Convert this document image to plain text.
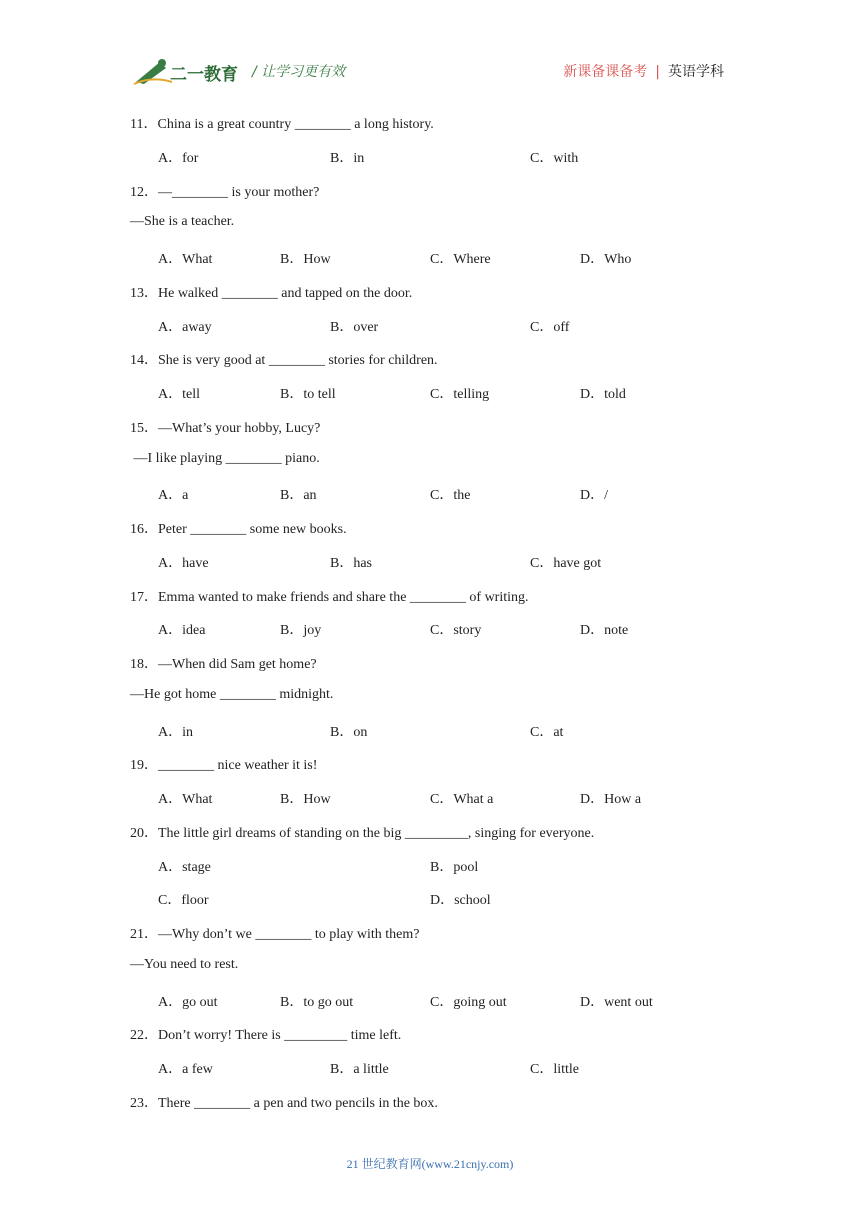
二一教育 / 让学习更有效	新课备课备考 | 英语学科
11．China is a great country ________ a long history.
A．for	B．in	C．with
12．—________ is your mother?
—She is a teacher.
A．What	B．How	C．Where	D．Who
13．He walked ________ and tapped on the door.
A．away	B．over	C．off
14．She is very good at ________ stories for children.
A．tell	B．to tell	C．telling	D．told
15．—What’s your hobby, Lucy?
—I like playing ________ piano.
A．a	B．an	C．the	D．/
16．Peter ________ some new books.
A．have	B．has	C．have got
17．Emma wanted to make friends and share the ________ of writing.
A．idea	B．joy	C．story	D．note
18．—When did Sam get home?
—He got home ________ midnight.
A．in	B．on	C．at
19．________ nice weather it is!
A．What	B．How	C．What a	D．How a
20．The little girl dreams of standing on the big _________, singing for everyone.
A．stage	B．pool
C．floor	D．school
21．—Why don’t we ________ to play with them?
—You need to rest.
A．go out	B．to go out	C．going out	D．went out
22．Don’t worry! There is _________ time left.
A．a few	B．a little	C．little
23．There ________ a pen and two pencils in the box.
21 世纪教育网(www.21cnjy.com)
